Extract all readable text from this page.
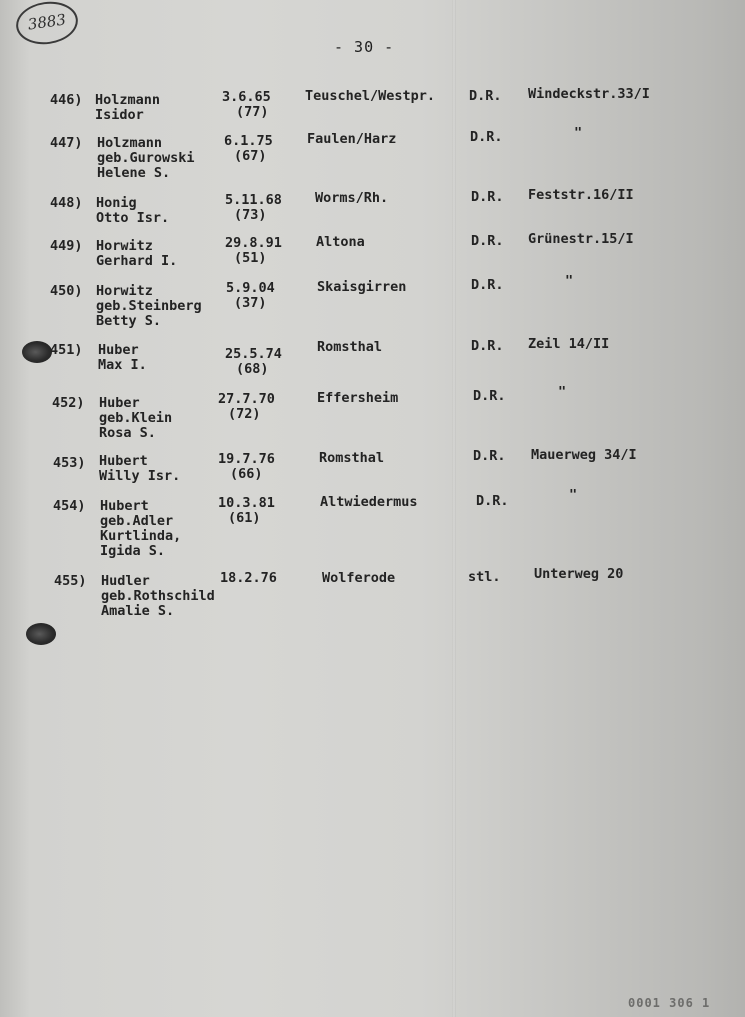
3883
- 30 -
446) Holzmann
Isidor
3.6.65
(77)
Teuschel/Westpr.	D.R. Windeckstr.33/I
447) Holzmann
geb.Gurowski
Helene S.
6.1.75
(67)
Faulen/Harz	D.R.	"
448) Honig
Otto Isr.
5.11.68
(73)
Worms/Rh.	D.R. Feststr.16/II
449) Horwitz
Gerhard I.
29.8.91
(51)
Altona	D.R. Grünestr.15/I
450) Horwitz
geb.Steinberg
Betty S.
5.9.04
(37)
Skaisgirren	D.R.	"
451) Huber
Max I.
25.5.74
(68)
Romsthal	D.R. Zeil 14/II
452) Huber
geb.Klein
Rosa S.
27.7.70
(72)
Effersheim	D.R.	"
453) Hubert
Willy Isr.
19.7.76
(66)
Romsthal	D.R. Mauerweg 34/I
454) Hubert
geb.Adler
Kurtlinda,
Igida S.
10.3.81
(61)
Altwiedermus	D.R.	"
455) Hudler
geb.Rothschild
Amalie S.
18.2.76	Wolferode	stl. Unterweg 20
0001 306 1
